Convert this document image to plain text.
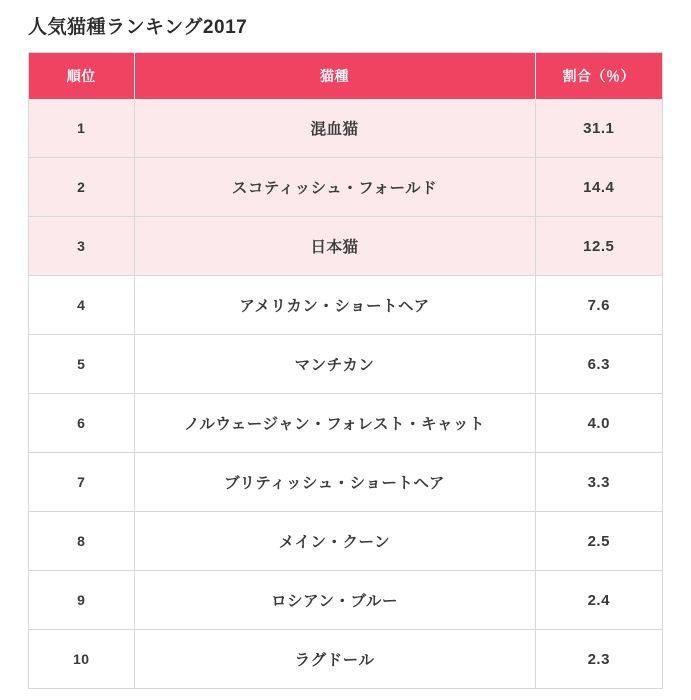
人気猫種ランキング2017
順位	猫種	割合（％）
1	混血猫	31.1
2	スコティッシュ・フォールド	14.4
3	日本猫	12.5
4	アメリカン・ショートヘア	7.6
5	マンチカン	6.3
6	ノルウェージャン・フォレスト・キャット	4.0
7	ブリティッシュ・ショートヘア	3.3
8	メイン・クーン	2.5
9	ロシアン・ブルー	2.4
10	ラグドール	2.3
